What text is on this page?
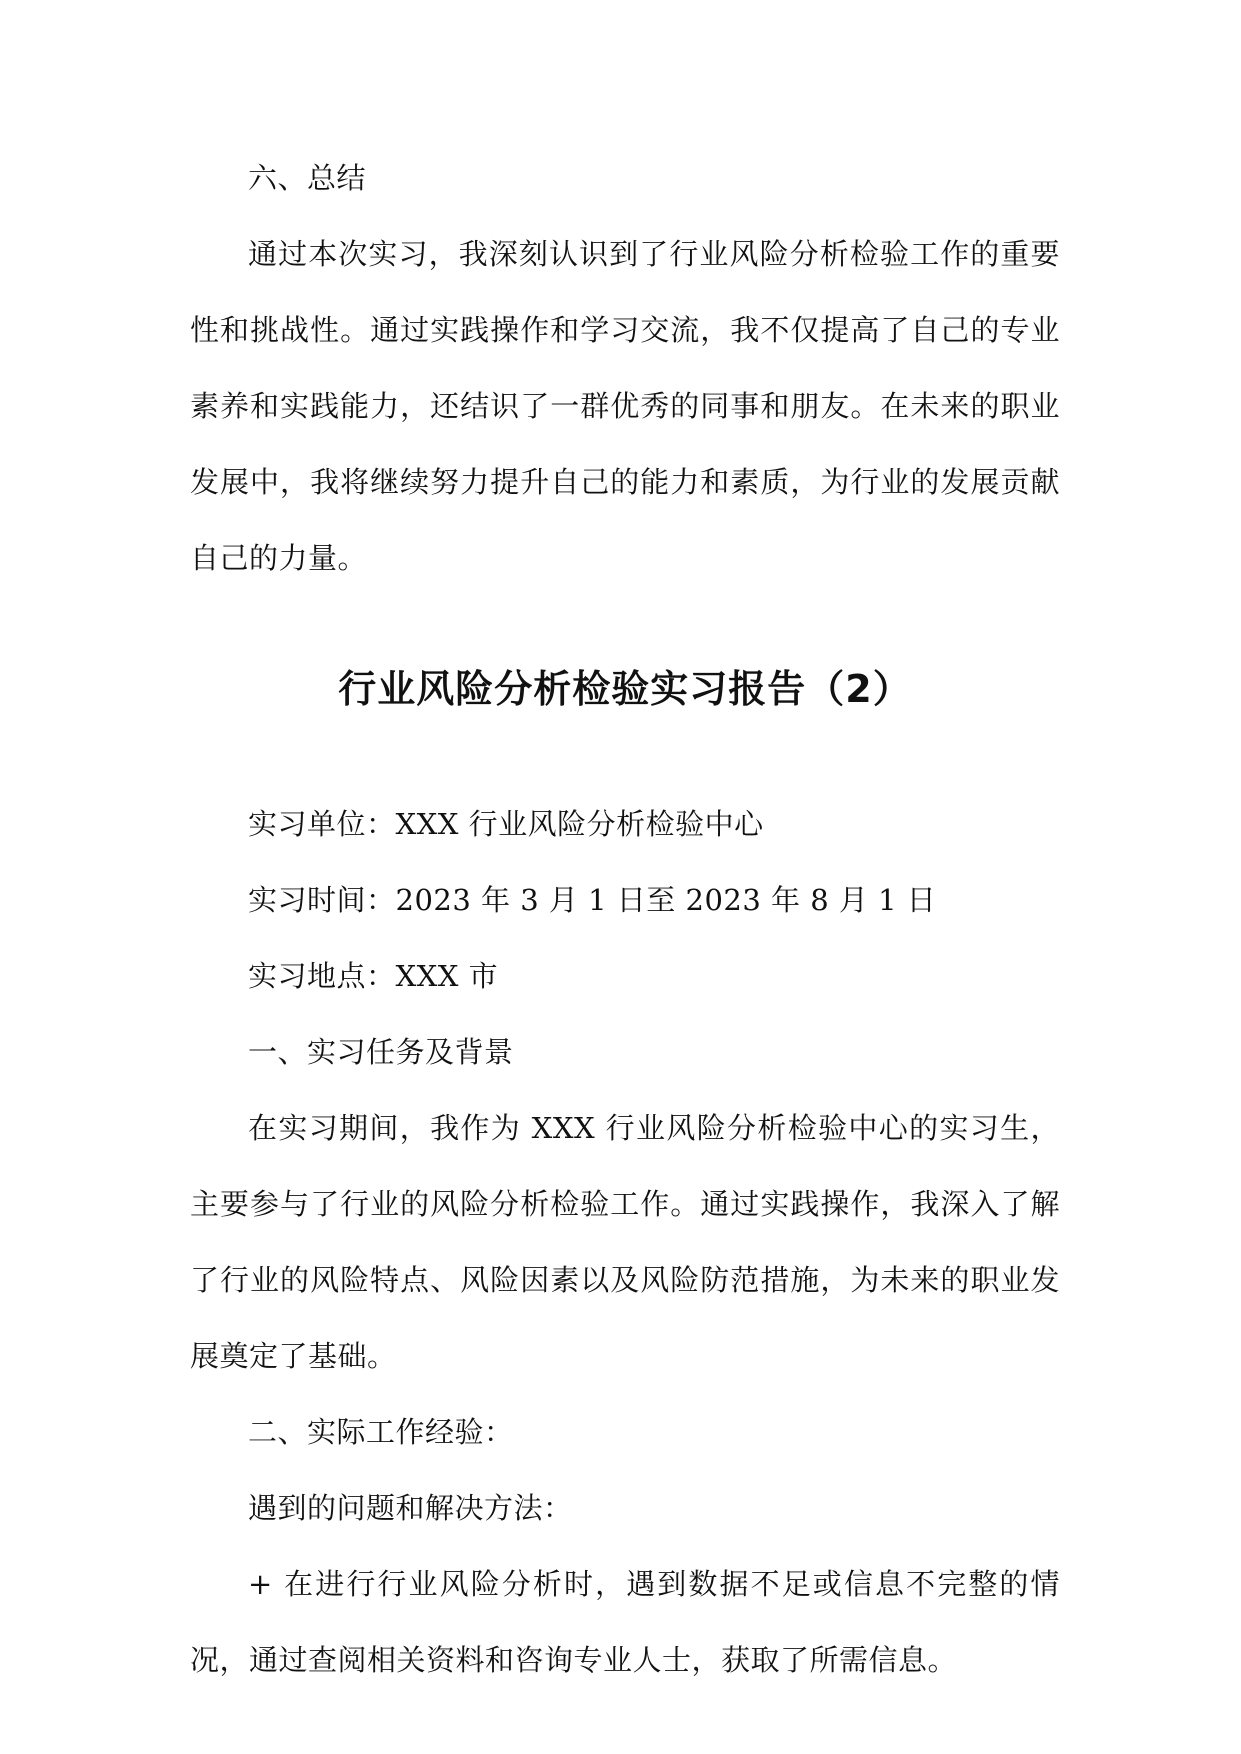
六、总结

通过本次实习，我深刻认识到了行业风险分析检验工作的重要性和挑战性。通过实践操作和学习交流，我不仅提高了自己的专业素养和实践能力，还结识了一群优秀的同事和朋友。在未来的职业发展中，我将继续努力提升自己的能力和素质，为行业的发展贡献自己的力量。

行业风险分析检验实习报告（2）

实习单位：XXX 行业风险分析检验中心

实习时间：2023 年 3 月 1 日至 2023 年 8 月 1 日

实习地点：XXX 市

一、实习任务及背景

在实习期间，我作为 XXX 行业风险分析检验中心的实习生，主要参与了行业的风险分析检验工作。通过实践操作，我深入了解了行业的风险特点、风险因素以及风险防范措施，为未来的职业发展奠定了基础。

二、实际工作经验：

遇到的问题和解决方法：

+ 在进行行业风险分析时，遇到数据不足或信息不完整的情况，通过查阅相关资料和咨询专业人士，获取了所需信息。
